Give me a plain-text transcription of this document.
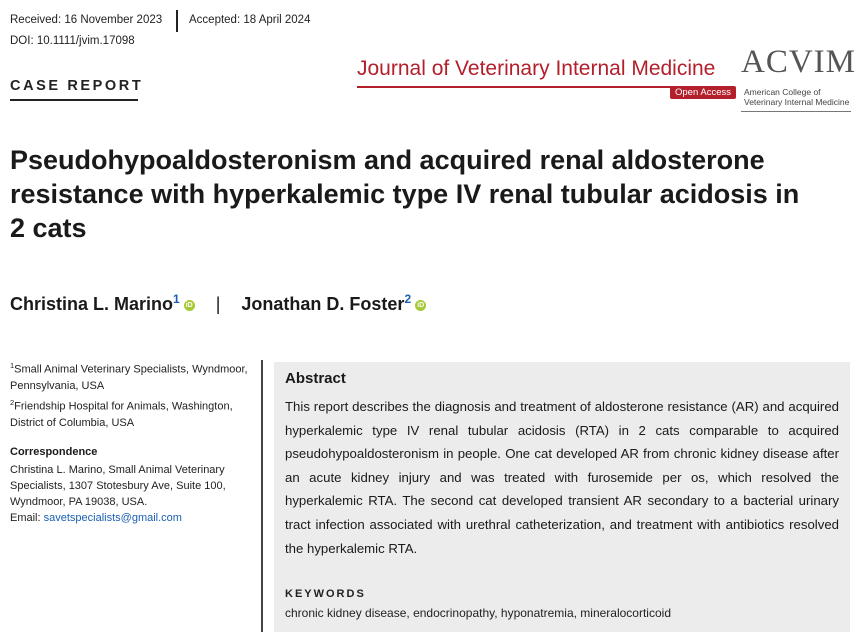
Received: 16 November 2023 Accepted: 18 April 2024
DOI: 10.1111/jvim.17098
CASE REPORT
Journal of Veterinary Internal Medicine
Open Access
ACVIM
American College of
Veterinary Internal Medicine
Pseudohypoaldosteronism and acquired renal aldosterone resistance with hyperkalemic type IV renal tubular acidosis in 2 cats
Christina L. Marino$^1$ iD | Jonathan D. Foster$^2$ iD
$^1$Small Animal Veterinary Specialists, Wyndmoor, Pennsylvania, USA
$^2$Friendship Hospital for Animals, Washington, District of Columbia, USA
Correspondence
Christina L. Marino, Small Animal Veterinary Specialists, 1307 Stotesbury Ave, Suite 100, Wyndmoor, PA 19038, USA.
Email: savetspecialists@gmail.com
Abstract
This report describes the diagnosis and treatment of aldosterone resistance (AR) and acquired hyperkalemic type IV renal tubular acidosis (RTA) in 2 cats comparable to acquired pseudohypoaldosteronism in people. One cat developed AR from chronic kidney disease after an acute kidney injury and was treated with furosemide per os, which resolved the hyperkalemic RTA. The second cat developed transient AR secondary to a bacterial urinary tract infection associated with urethral catheterization, and treatment with antibiotics resolved the hyperkalemic RTA.
KEYWORDS
chronic kidney disease, endocrinopathy, hyponatremia, mineralocorticoid
